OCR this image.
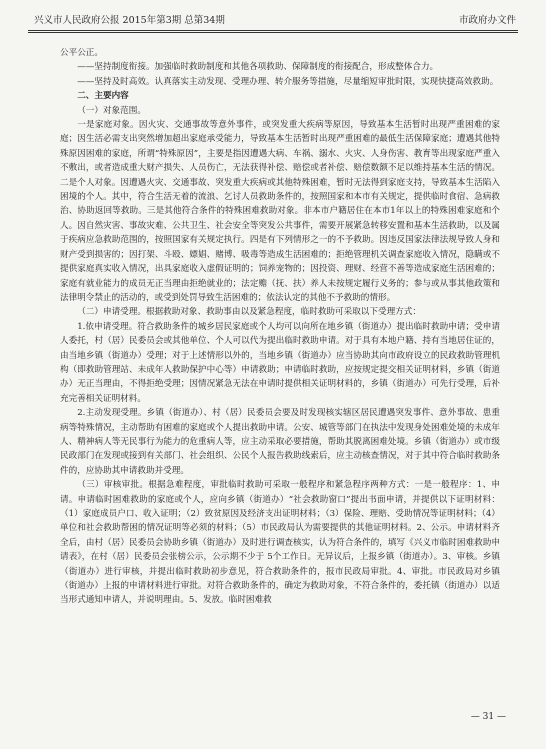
兴义市人民政府公报 2015年第3期 总第34期	市政府办文件

公平公正。

——坚持制度衔接。加强临时救助制度和其他各项救助、保障制度的衔接配合，形成整体合力。

——坚持及时高效。认真落实主动发现、受理办理、转介服务等措施，尽量缩短审批时限，实现快捷高效救助。

二、主要内容

（一）对象范围。

一是家庭对象。因火灾、交通事故等意外事件，或突发重大疾病等原因，导致基本生活暂时出现严重困难的家庭；因生活必需支出突然增加超出家庭承受能力，导致基本生活暂时出现严重困难的最低生活保障家庭；遭遇其他特殊原因困难的家庭，所谓“特殊原因”，主要是指因遭遇大病、车祸、溺水、火灾、人身伤害、教育等出现家庭严重入不敷出，或者造成重大财产损失、人员伤亡，无法获得补偿、赔偿或者补偿、赔偿数额不足以维持基本生活的情况。二是个人对象。因遭遇火灾、交通事故、突发重大疾病或其他特殊困难，暂时无法得到家庭支持，导致基本生活陷入困境的个人。其中，符合生活无着的流浪、乞讨人员救助条件的，按照国家和本市有关规定，提供临时食宿、急病救治、协助返回等救助。三是其他符合条件的特殊困难救助对象。非本市户籍居住在本市1年以上的特殊困难家庭和个人。因自然灾害、事故灾难、公共卫生、社会安全等突发公共事件，需要开展紧急转移安置和基本生活救助，以及属于疾病应急救助范围的，按照国家有关规定执行。四是有下列情形之一的不予救助。因违反国家法律法规导致人身和财产受到损害的；因打架、斗殴、嫖娼、赌博、吸毒等造成生活困难的；拒绝管理机关调查家庭收入情况，隐瞒或不提供家庭真实收入情况，出具家庭收入虚假证明的；饲养宠物的；因投资、理财、经营不善等造成家庭生活困难的；家庭有就业能力的成员无正当理由拒绝就业的；法定赡（抚、扶）养人未按规定履行义务的；参与或从事其他政策和法律明令禁止的活动的，或受到处罚导致生活困难的；依法认定的其他不予救助的情形。

（二）申请受理。根据救助对象、救助事由以及紧急程度，临时救助可采取以下受理方式：

1.依申请受理。符合救助条件的城乡居民家庭或个人均可以向所在地乡镇（街道办）提出临时救助申请；受申请人委托，村（居）民委员会或其他单位、个人可以代为提出临时救助申请。对于具有本地户籍、持有当地居住证的，由当地乡镇（街道办）受理；对于上述情形以外的，当地乡镇（街道办）应当协助其向市政府设立的民政救助管理机构（即救助管理站、未成年人救助保护中心等）申请救助；申请临时救助，应按规定提交相关证明材料，乡镇（街道办）无正当理由，不得拒绝受理；因情况紧急无法在申请时提供相关证明材料的，乡镇（街道办）可先行受理，后补充完善相关证明材料。

2.主动发现受理。乡镇（街道办）、村（居）民委员会要及时发现核实辖区居民遭遇突发事件、意外事故、患重病等特殊情况，主动帮助有困难的家庭或个人提出救助申请。公安、城管等部门在执法中发现身处困难处境的未成年人、精神病人等无民事行为能力的危重病人等，应主动采取必要措施，帮助其脱离困难处境。乡镇（街道办）或市级民政部门在发现或接到有关部门、社会组织、公民个人报告救助线索后，应主动核查情况，对于其中符合临时救助条件的，应协助其申请救助并受理。

（三）审核审批。根据急难程度，审批临时救助可采取一般程序和紧急程序两种方式：一是一般程序：1、申请。申请临时困难救助的家庭或个人，应向乡镇（街道办）“社会救助窗口”提出书面申请，并提供以下证明材料：（1）家庭成员户口、收入证明；（2）致贫原因及经济支出证明材料；（3）保险、理赔、受助情况等证明材料；（4）单位和社会救助帮困的情况证明等必须的材料；（5）市民政局认为需要提供的其他证明材料。2、公示。申请材料齐全后，由村（居）民委员会协助乡镇（街道办）及时进行调查核实，认为符合条件的，填写《兴义市临时困难救助申请表》，在村（居）民委员会张榜公示，公示期不少于 5个工作日。无异议后，上报乡镇（街道办）。3、审核。乡镇 （街道办）进行审核，并提出临时救助初步意见，符合救助条件的，报市民政局审批。4、审批。市民政局对乡镇 （街道办）上报的申请材料进行审批。对符合救助条件的，确定为救助对象，不符合条件的，委托镇（街道办）以适当形式通知申请人，并说明理由。5、发放。临时困难救

— 31 —
